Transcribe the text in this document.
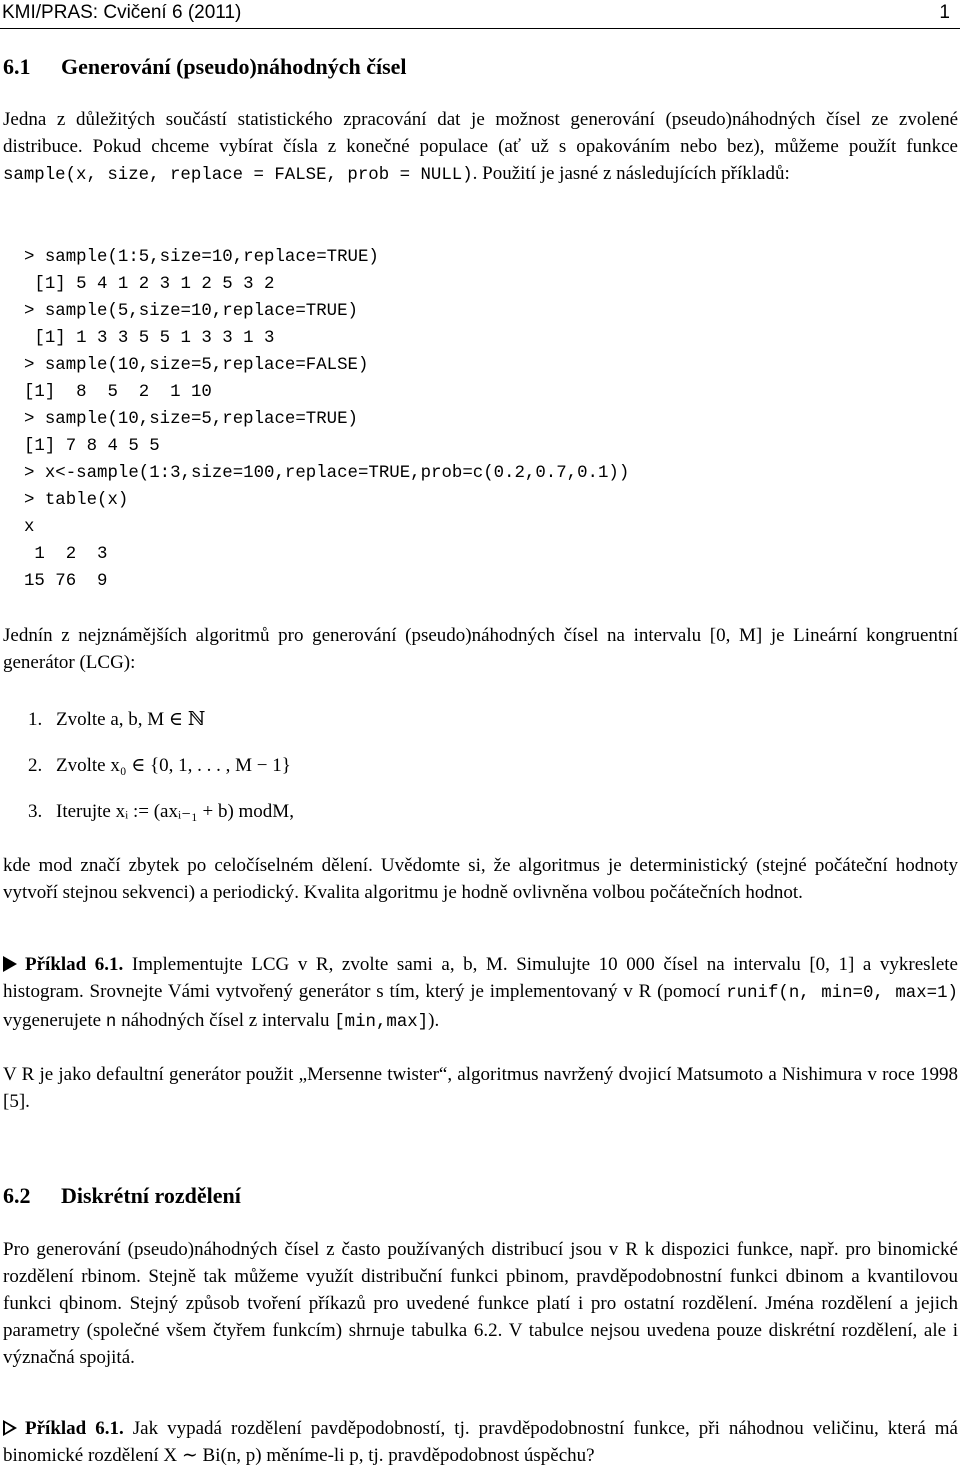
KMI/PRAS: Cvičení 6 (2011)	1
6.1 Generování (pseudo)náhodných čísel

Jedna z důležitých součástí statistického zpracování dat je možnost generování (pseudo)náhodných čísel ze zvolené distribuce. Pokud chceme vybírat čísla z konečné populace (ať už s opakováním nebo bez), můžeme použít funkce sample(x, size, replace = FALSE, prob = NULL). Použití je jasné z následujících příkladů:

> sample(1:5,size=10,replace=TRUE)
[1] 5 4 1 2 3 1 2 5 3 2
> sample(5,size=10,replace=TRUE)
[1] 1 3 3 5 5 1 3 3 1 3
> sample(10,size=5,replace=FALSE)
[1]  8  5  2  1 10
> sample(10,size=5,replace=TRUE)
[1] 7 8 4 5 5
> x<-sample(1:3,size=100,replace=TRUE,prob=c(0.2,0.7,0.1))
> table(x)
x
1  2  3
15 76  9

Jednín z nejznámějších algoritmů pro generování (pseudo)náhodných čísel na intervalu [0, M] je Lineární kongruentní generátor (LCG):

1. Zvolte a, b, M ∈ ℕ
2. Zvolte x₀ ∈ {0, 1, . . . , M − 1}
3. Iterujte xᵢ := (axᵢ₋₁ + b) modM,

kde mod značí zbytek po celočíselném dělení. Uvědomte si, že algoritmus je deterministický (stejné počáteční hodnoty vytvoří stejnou sekvenci) a periodický. Kvalita algoritmu je hodně ovlivněna volbou počátečních hodnot.

Příklad 6.1. Implementujte LCG v R, zvolte sami a, b, M. Simulujte 10 000 čísel na intervalu [0, 1] a vykreslete histogram. Srovnejte Vámi vytvořený generátor s tím, který je implementovaný v R (pomocí runif(n, min=0, max=1) vygenerujete n náhodných čísel z intervalu [min,max]).

V R je jako defaultní generátor použit „Mersenne twister“, algoritmus navržený dvojicí Matsumoto a Nishimura v roce 1998 [5].

6.2 Diskrétní rozdělení

Pro generování (pseudo)náhodných čísel z často používaných distribucí jsou v R k dispozici funkce, např. pro binomické rozdělení rbinom. Stejně tak můžeme využít distribuční funkci pbinom, pravděpodobnostní funkci dbinom a kvantilovou funkci qbinom. Stejný způsob tvoření příkazů pro uvedené funkce platí i pro ostatní rozdělení. Jména rozdělení a jejich parametry (společné všem čtyřem funkcím) shrnuje tabulka 6.2. V tabulce nejsou uvedena pouze diskrétní rozdělení, ale i význačná spojitá.

Příklad 6.1. Jak vypadá rozdělení pavděpodobností, tj. pravděpodobnostní funkce, při náhodnou veličinu, která má binomické rozdělení X ∼ Bi(n, p) měníme-li p, tj. pravděpodobnost úspěchu?
